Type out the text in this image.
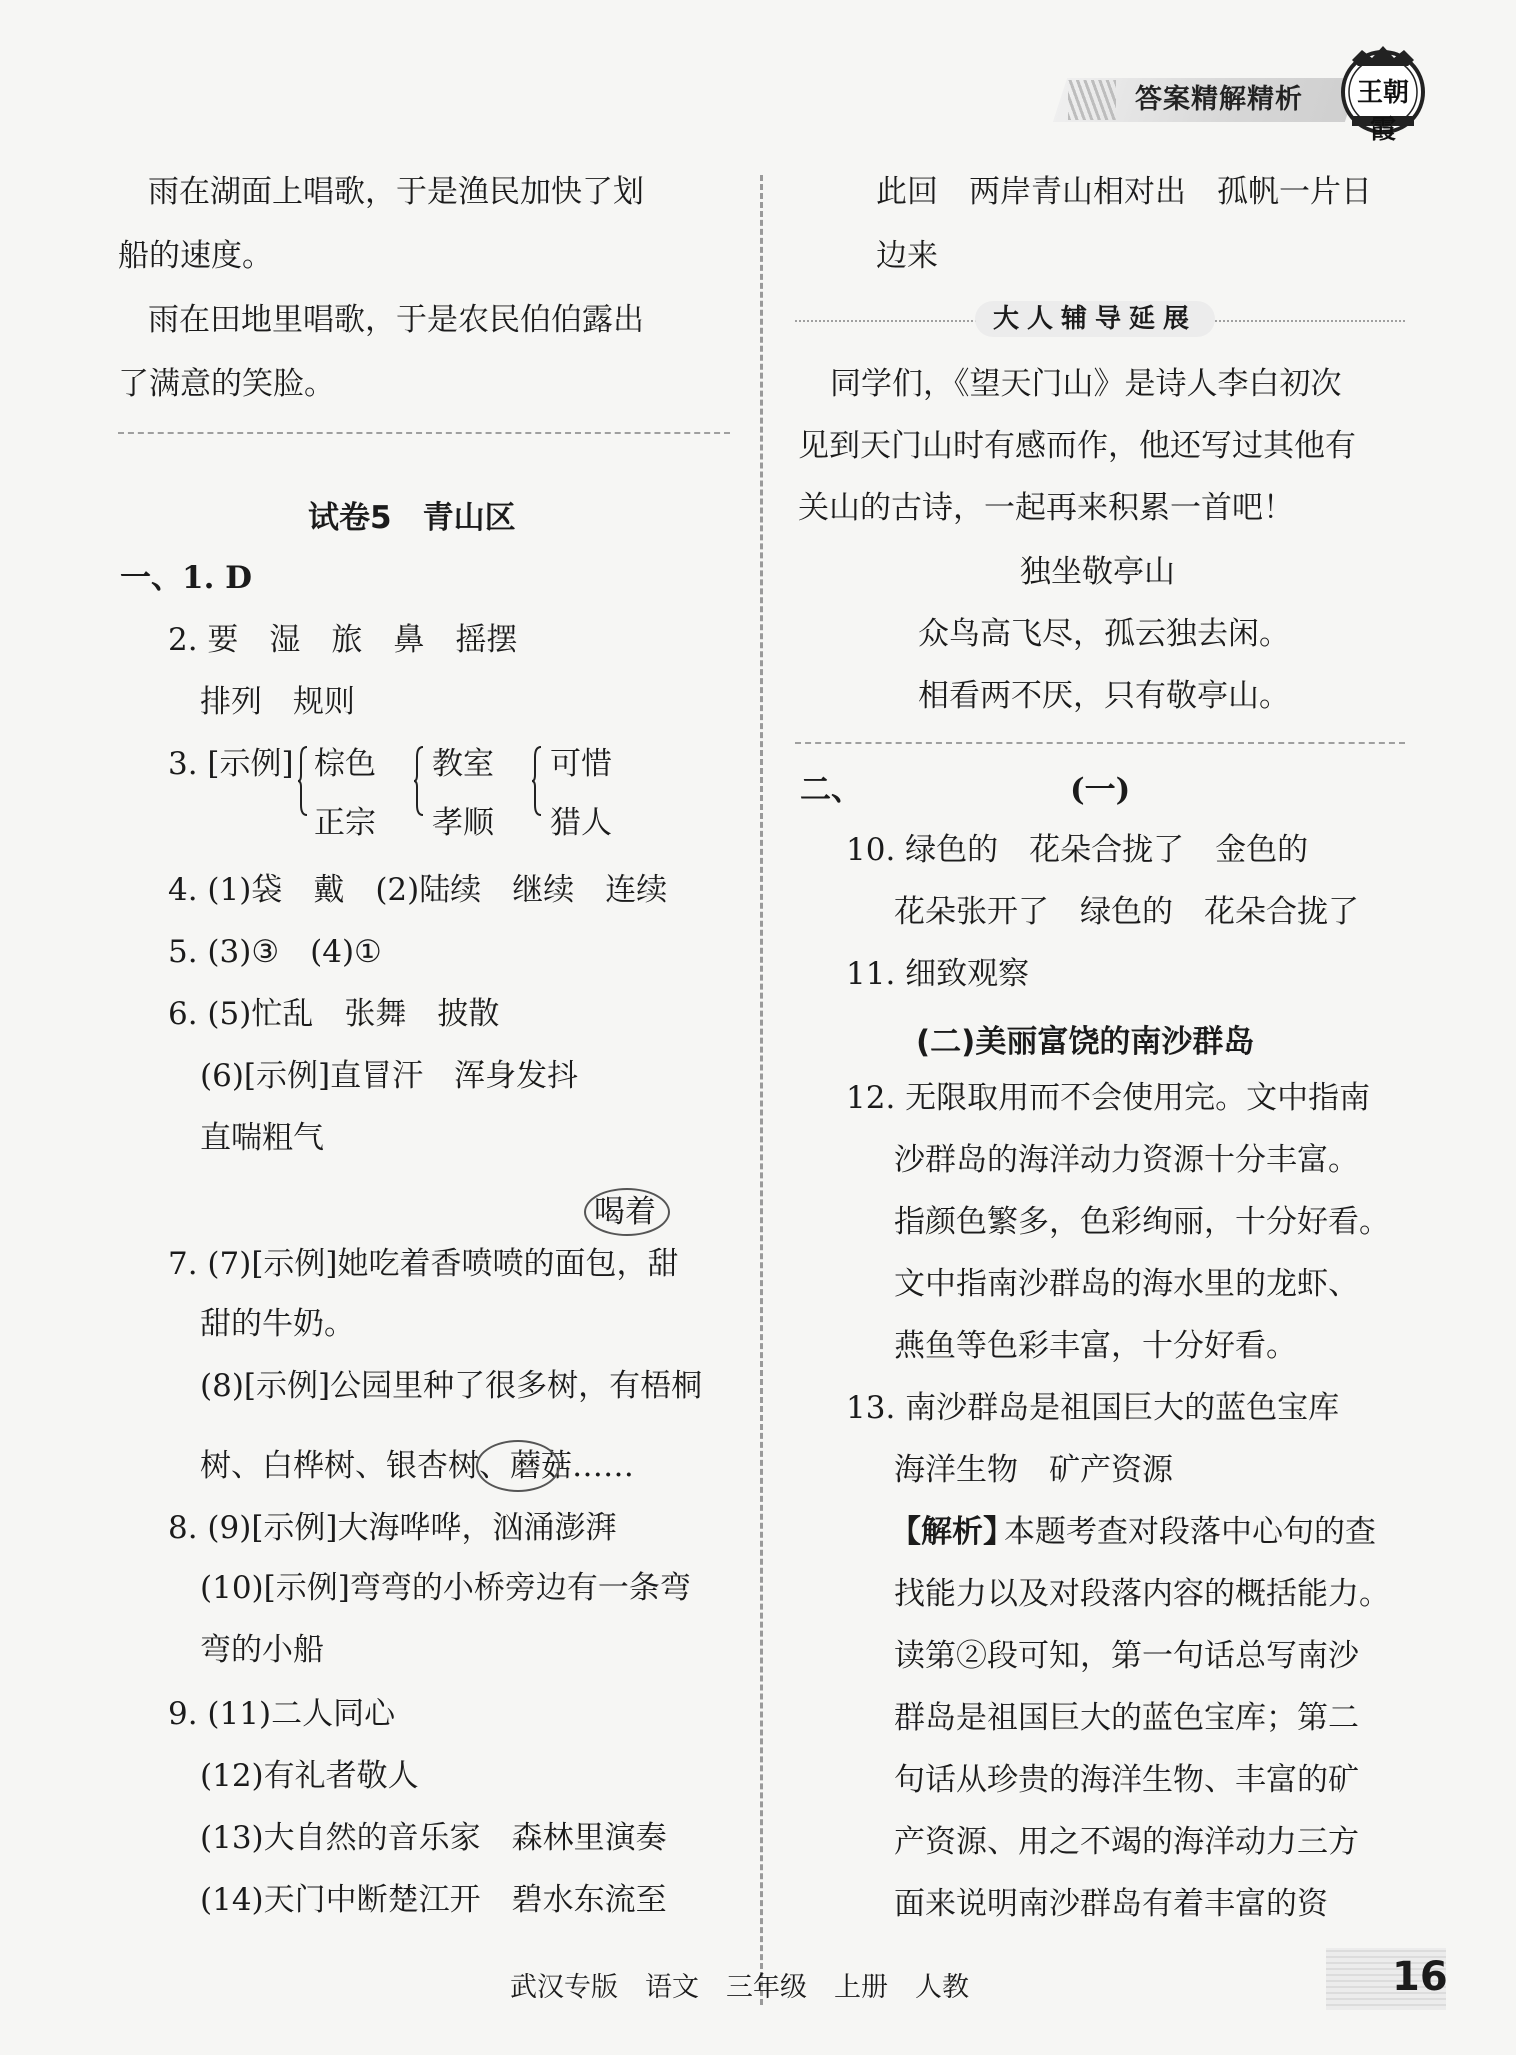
答案精解精析	王朝霞
雨在湖面上唱歌，于是渔民加快了划
船的速度。
雨在田地里唱歌，于是农民伯伯露出
了满意的笑脸。
试卷5　青山区
一、1. D
2. 要　湿　旅　鼻　摇摆
排列　规则
3. [示例] 棕色
正宗
教室
孝顺
可惜
猎人
4. (1)袋　戴　(2)陆续　继续　连续
5. (3)③　(4)①
6. (5)忙乱　张舞　披散
(6)[示例]直冒汗　浑身发抖
直喘粗气
喝着
7. (7)[示例]她吃着香喷喷的面包，甜
甜的牛奶。
(8)[示例]公园里种了很多树，有梧桐
树、白桦树、银杏树、蘑菇……
8. (9)[示例]大海哗哗，汹涌澎湃
(10)[示例]弯弯的小桥旁边有一条弯
弯的小船
9. (11)二人同心
(12)有礼者敬人
(13)大自然的音乐家　森林里演奏
(14)天门中断楚江开　碧水东流至
此回　两岸青山相对出　孤帆一片日
边来
大人辅导延展
同学们，《望天门山》是诗人李白初次
见到天门山时有感而作，他还写过其他有
关山的古诗，一起再来积累一首吧！
独坐敬亭山
众鸟高飞尽，孤云独去闲。
相看两不厌，只有敬亭山。
二、	(一)
10. 绿色的　花朵合拢了　金色的
花朵张开了　绿色的　花朵合拢了
11. 细致观察
(二)美丽富饶的南沙群岛
12. 无限取用而不会使用完。文中指南
沙群岛的海洋动力资源十分丰富。
指颜色繁多，色彩绚丽，十分好看。
文中指南沙群岛的海水里的龙虾、
燕鱼等色彩丰富，十分好看。
13. 南沙群岛是祖国巨大的蓝色宝库
海洋生物　矿产资源
【解析】
本题考查对段落中心句的查
找能力以及对段落内容的概括能力。
读第②段可知，第一句话总写南沙
群岛是祖国巨大的蓝色宝库；第二
句话从珍贵的海洋生物、丰富的矿
产资源、用之不竭的海洋动力三方
面来说明南沙群岛有着丰富的资
武汉专版　语文　三年级　上册　人教	16
